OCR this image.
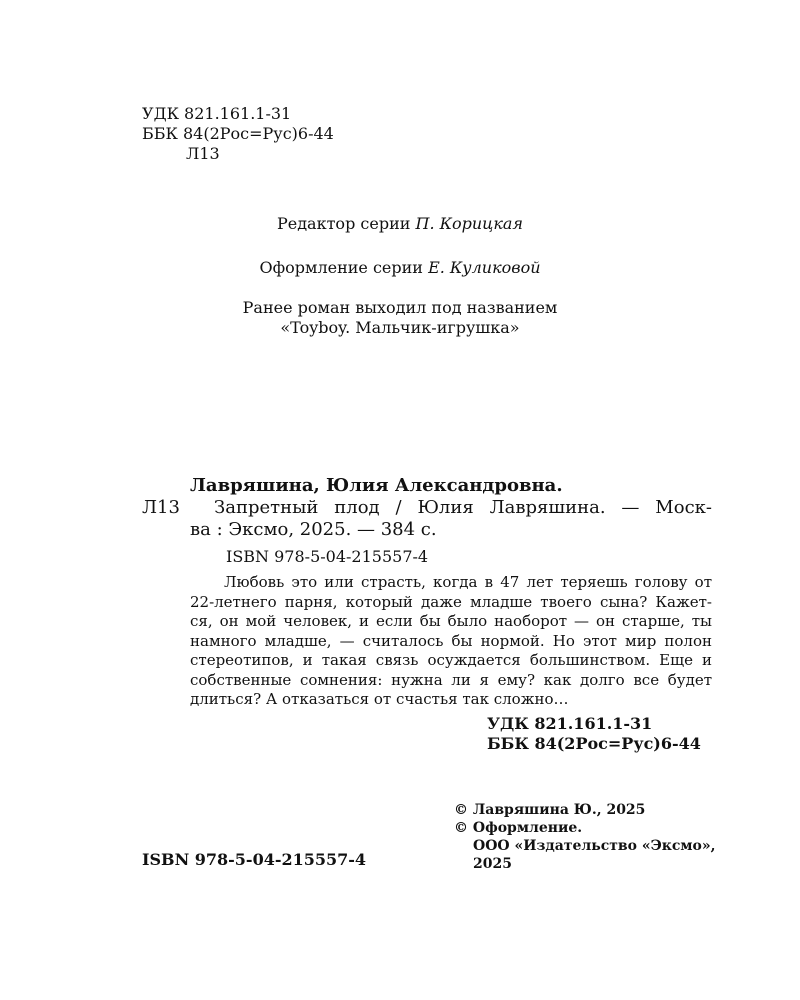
УДК 821.161.1-31
ББК 84(2Рос=Рус)6-44
Л13
Редактор серии П. Корицкая
Оформление серии Е. Куликовой
Ранее роман выходил под названием
«Toyboy. Мальчик-игрушка»
Лавряшина, Юлия Александровна.
Л13 Запретный плод / Юлия Лавряшина. — Моск-
ва : Эксмо, 2025. — 384 с.
ISBN 978-5-04-215557-4
Любовь это или страсть, когда в 47 лет теряешь голову от
22-летнего парня, который даже младше твоего сына? Кажет-
ся, он мой человек, и если бы было наоборот — он старше, ты
намного младше, — считалось бы нормой. Но этот мир полон
стереотипов, и такая связь осуждается большинством. Еще и
собственные сомнения: нужна ли я ему? как долго все будет
длиться? А отказаться от счастья так сложно…
УДК 821.161.1-31
ББК 84(2Рос=Рус)6-44
ISBN 978-5-04-215557-4
© Лавряшина Ю., 2025
© Оформление.
ООО «Издательство «Эксмо»,
2025
